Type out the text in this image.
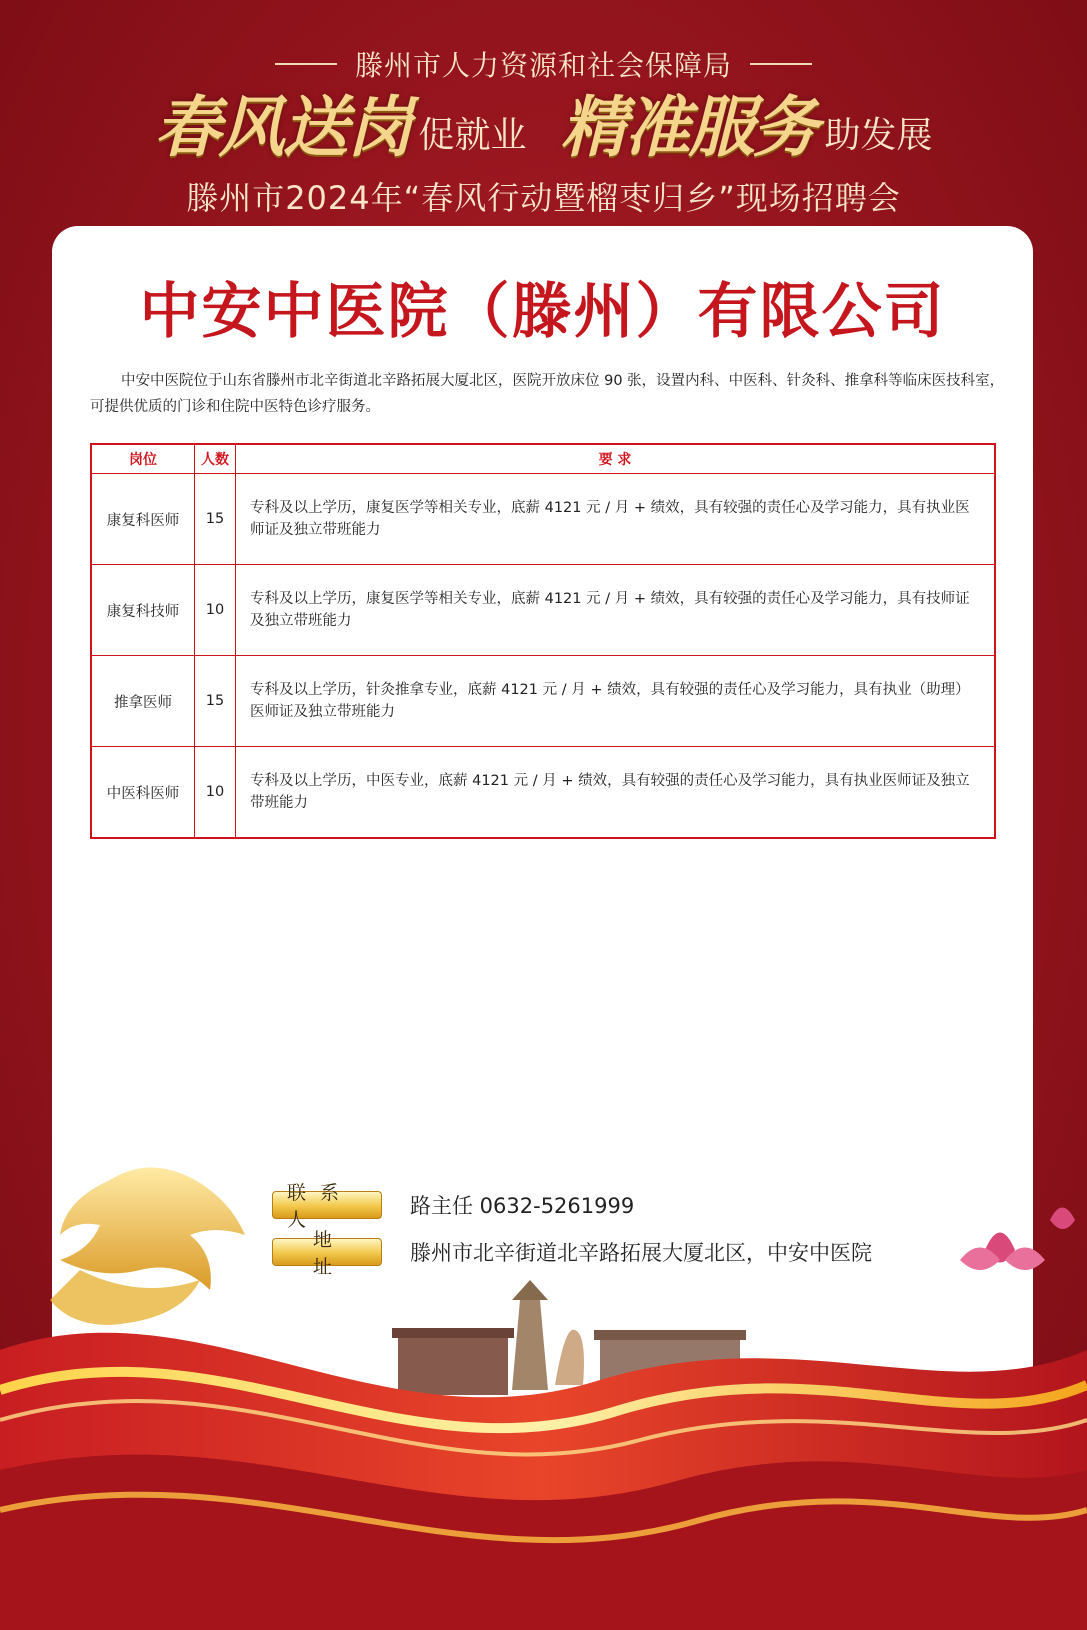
滕州市人力资源和社会保障局
春风送岗 促就业 精准服务 助发展
滕州市2024年“春风行动暨榴枣归乡”现场招聘会
中安中医院（滕州）有限公司
中安中医院位于山东省滕州市北辛街道北辛路拓展大厦北区，医院开放床位 90 张，设置内科、中医科、针灸科、推拿科等临床医技科室，可提供优质的门诊和住院中医特色诊疗服务。
岗位	人数	要 求
康复科医师	15	专科及以上学历，康复医学等相关专业，底薪 4121 元 / 月 + 绩效，具有较强的责任心及学习能力，具有执业医师证及独立带班能力
康复科技师	10	专科及以上学历，康复医学等相关专业，底薪 4121 元 / 月 + 绩效，具有较强的责任心及学习能力，具有技师证及独立带班能力
推拿医师	15	专科及以上学历，针灸推拿专业，底薪 4121 元 / 月 + 绩效，具有较强的责任心及学习能力，具有执业（助理）医师证及独立带班能力
中医科医师	10	专科及以上学历，中医专业，底薪 4121 元 / 月 + 绩效，具有较强的责任心及学习能力，具有执业医师证及独立带班能力
联系人
路主任 0632-5261999
地址
滕州市北辛街道北辛路拓展大厦北区，中安中医院
